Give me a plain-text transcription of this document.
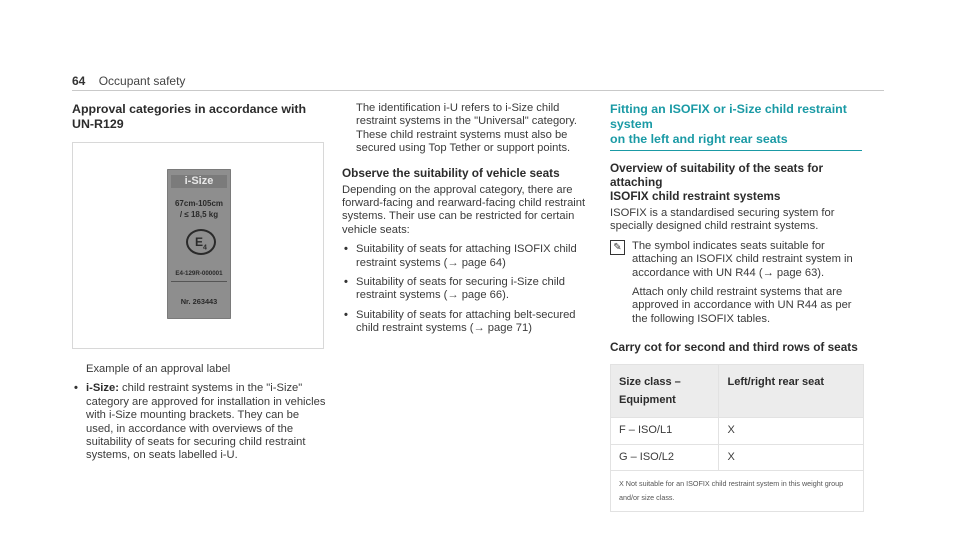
64 Occupant safety
Approval categories in accordance with UN-R129
i-Size
67cm-105cm
/ ≤ 18,5 kg
$E_4$
E4-129R-000001
Nr. 263443

Example of an approval label

• i-Size: child restraint systems in the "i-Size" category are approved for installation in vehicles with i-Size mounting brackets. They can be used, in accordance with overviews of the suitability of seats for securing child restraint systems, on seats labelled i-U.

The identification i-U refers to i-Size child restraint systems in the "Universal" category. These child restraint systems must also be secured using Top Tether or support points.

Observe the suitability of vehicle seats

Depending on the approval category, there are forward-facing and rearward-facing child restraint systems. Their use can be restricted for certain vehicle seats:

• Suitability of seats for attaching ISOFIX child restraint systems (→ page 64)
• Suitability of seats for securing i-Size child restraint systems (→ page 66).
• Suitability of seats for attaching belt-secured child restraint systems (→ page 71)
Fitting an ISOFIX or i-Size child restraint system
on the left and right rear seats
Overview of suitability of the seats for attaching
ISOFIX child restraint systems

ISOFIX is a standardised securing system for specially designed child restraint systems.

✎ The symbol indicates seats suitable for attaching an ISOFIX child restraint system in accordance with UN R44 (→ page 63).

Attach only child restraint systems that are approved in accordance with UN R44 as per the following ISOFIX tables.

Carry cot for second and third rows of seats
Size class –
Equipment	Left/right rear seat
F – ISO/L1	X
G – ISO/L2	X
X Not suitable for an ISOFIX child restraint system in this weight group and/or size class.	
